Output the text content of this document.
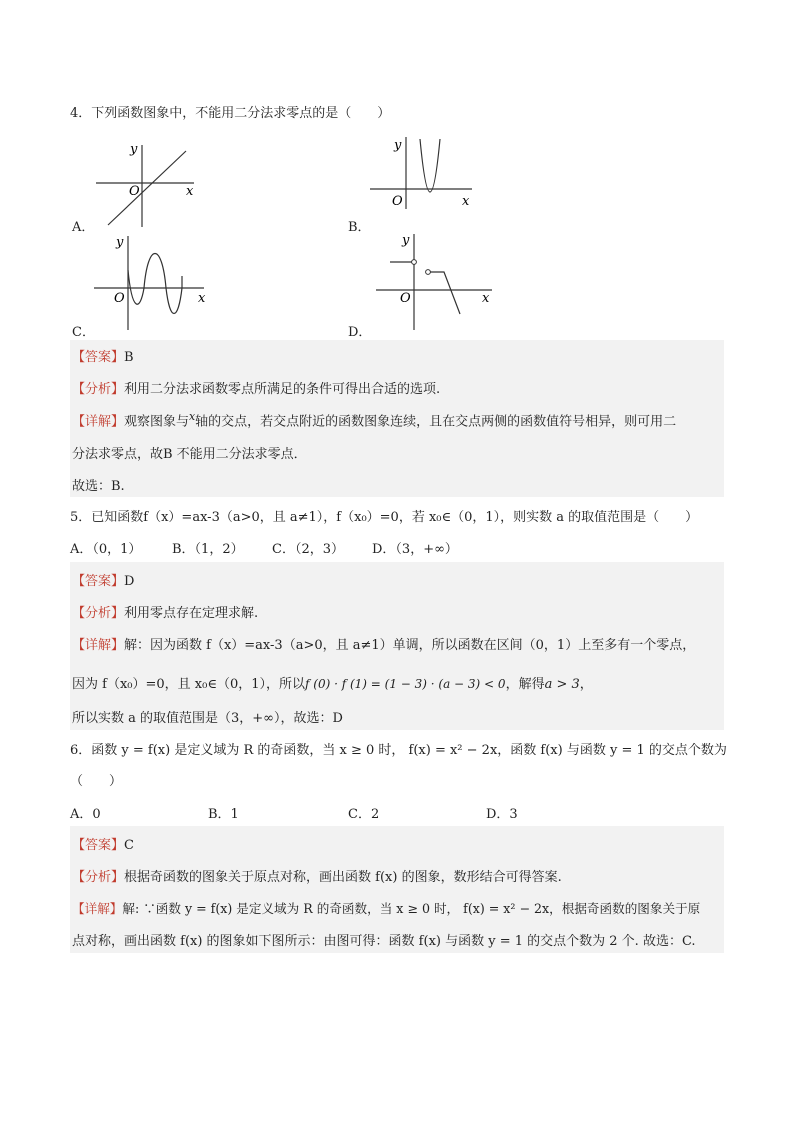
4．下列函数图象中，不能用二分法求零点的是（　　）
y
x
O
A．
y
x
O
B．
y
x
O
C．
y
x
O
D．
【答案】B
【分析】利用二分法求函数零点所满足的条件可得出合适的选项.
【详解】观察图象与$^x$轴的交点，若交点附近的函数图象连续，且在交点两侧的函数值符号相异，则可用二
分法求零点，故B 不能用二分法求零点．
故选：B.
5．已知函数f（x）=ax-3（a>0，且 a≠1），f（x₀）=0，若 x₀∈（0，1），则实数 a 的取值范围是（　　）
A．（0，1） B．（1，2） C．（2，3） D．（3，+∞）
【答案】D
【分析】利用零点存在定理求解.
【详解】解：因为函数 f（x）=ax-3（a>0，且 a≠1）单调，所以函数在区间（0，1）上至多有一个零点，
因为 f（x₀）=0，且 x₀∈（0，1），所以f (0) · f (1) = (1 − 3) · (a − 3) < 0，解得a > 3，
所以实数 a 的取值范围是（3，+∞），故选：D
6．函数 y = f(x) 是定义域为 R 的奇函数，当 x ≥ 0 时， f(x) = x² − 2x，函数 f(x) 与函数 y = 1 的交点个数为
（　　）
A．0	B．1	C．2	D．3
【答案】C
【分析】根据奇函数的图象关于原点对称，画出函数 f(x) 的图象，数形结合可得答案.
【详解】解: ∵函数 y = f(x) 是定义域为 R 的奇函数，当 x ≥ 0 时， f(x) = x² − 2x，根据奇函数的图象关于原
点对称，画出函数 f(x) 的图象如下图所示：由图可得：函数 f(x) 与函数 y = 1 的交点个数为 2 个. 故选：C.
